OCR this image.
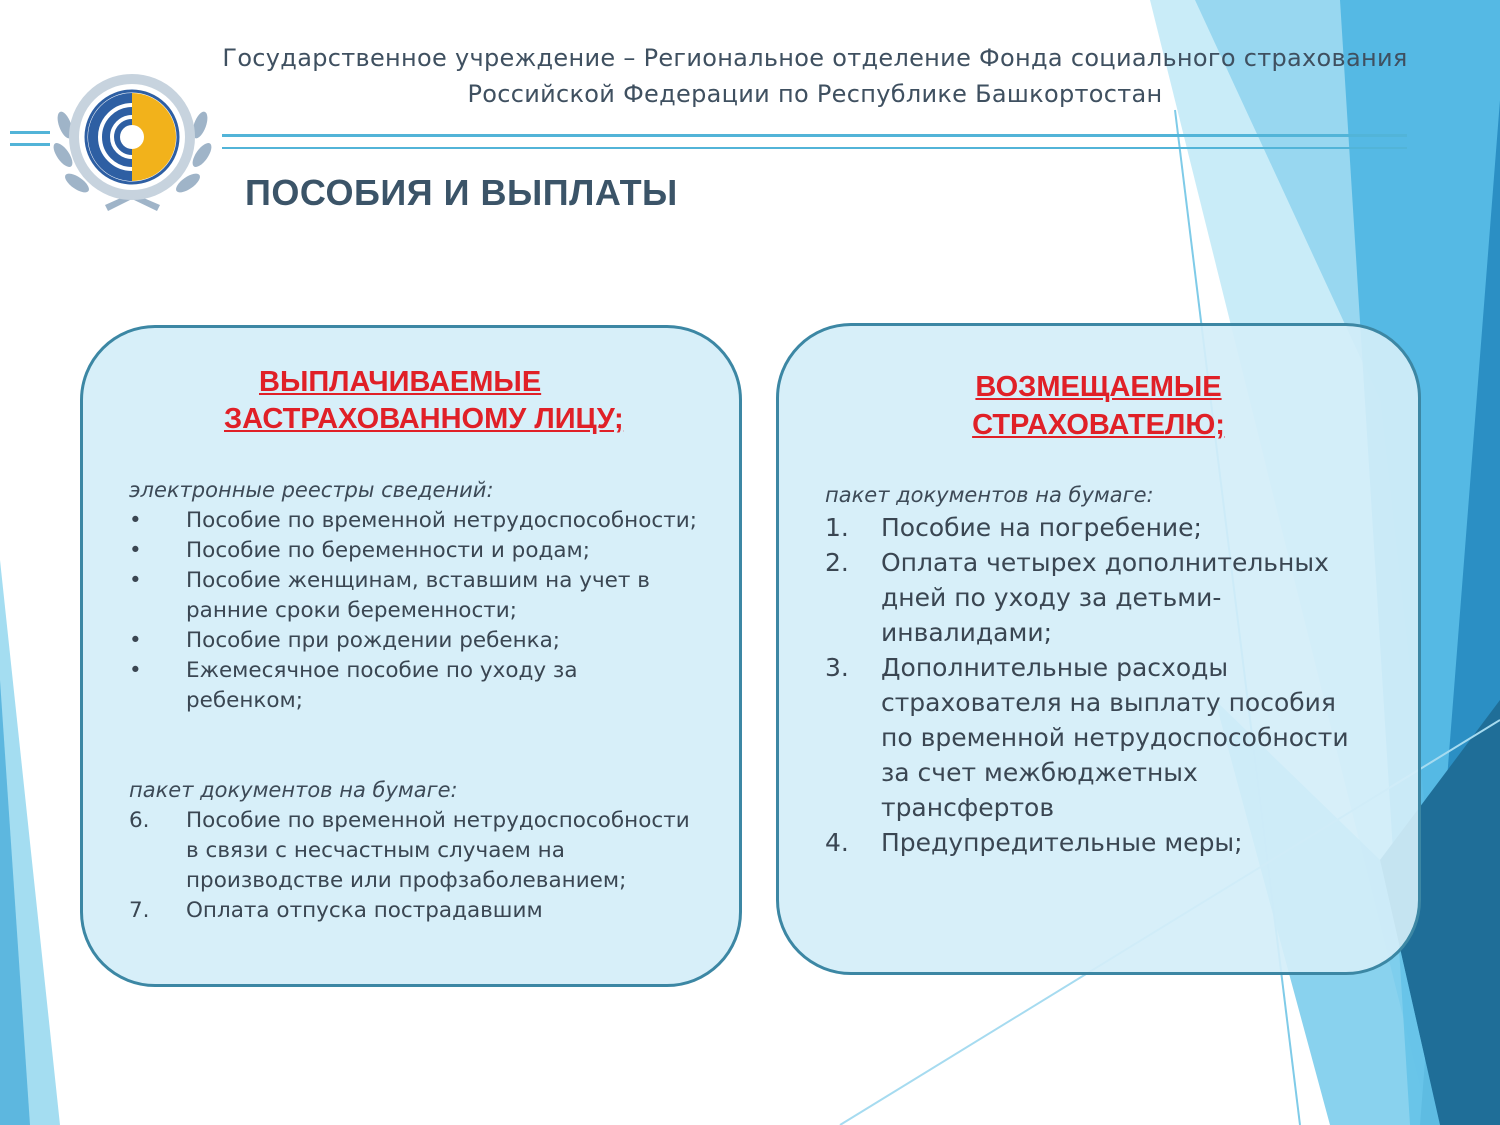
Государственное учреждение – Региональное отделение Фонда социального страхования
Российской Федерации по Республике Башкортостан
ПОСОБИЯ И ВЫПЛАТЫ
ВЫПЛАЧИВАЕМЫЕ
ЗАСТРАХОВАННОМУ ЛИЦУ;
электронные реестры сведений:
• Пособие по временной нетрудоспособности;
• Пособие по беременности и родам;
• Пособие женщинам, вставшим на учет в ранние сроки беременности;
• Пособие при рождении ребенка;
• Ежемесячное пособие по уходу за ребенком;
пакет документов на бумаге:
6. Пособие по временной нетрудоспособности в связи с несчастным случаем на производстве или профзаболеванием;
7. Оплата отпуска пострадавшим
ВОЗМЕЩАЕМЫЕ
СТРАХОВАТЕЛЮ;
пакет документов на бумаге:
1. Пособие на погребение;
2. Оплата четырех дополнительных дней по уходу за детьми-инвалидами;
3. Дополнительные расходы страхователя на выплату пособия по временной нетрудоспособности за счет межбюджетных трансфертов
4. Предупредительные меры;
